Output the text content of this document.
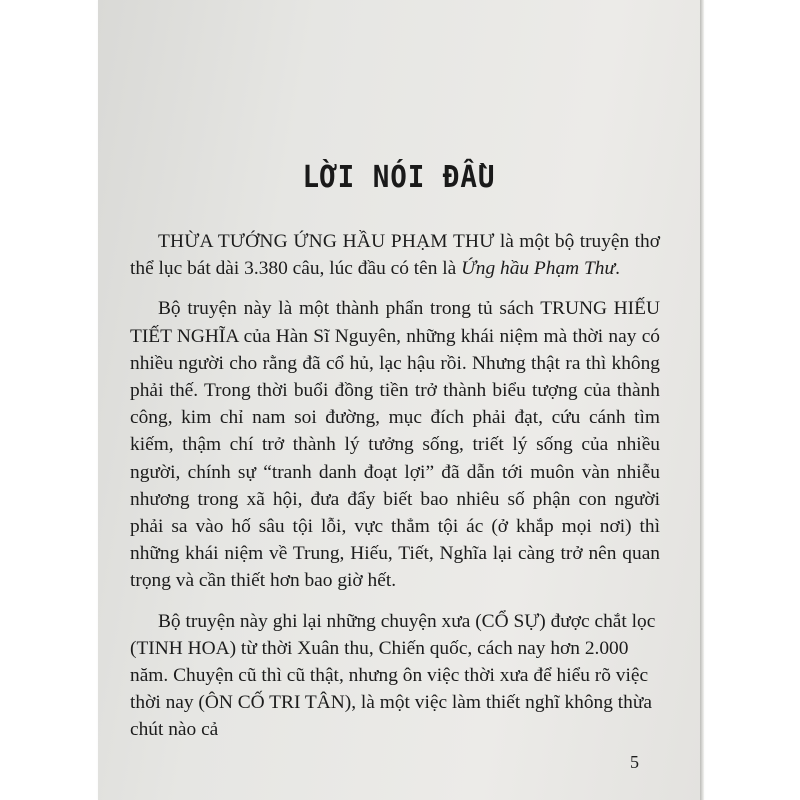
LỜI NÓI ĐẦU

THỪA TƯỚNG ỨNG HẦU PHẠM THƯ là một bộ truyện thơ thể lục bát dài 3.380 câu, lúc đầu có tên là Ứng hầu Phạm Thư.

Bộ truyện này là một thành phẩn trong tủ sách TRUNG HIẾU TIẾT NGHĨA của Hàn Sĩ Nguyên, những khái niệm mà thời nay có nhiều người cho rằng đã cổ hủ, lạc hậu rồi. Nhưng thật ra thì không phải thế. Trong thời buổi đồng tiền trở thành biểu tượng của thành công, kim chỉ nam soi đường, mục đích phải đạt, cứu cánh tìm kiếm, thậm chí trở thành lý tưởng sống, triết lý sống của nhiều người, chính sự “tranh danh đoạt lợi” đã dẫn tới muôn vàn nhiễu nhương trong xã hội, đưa đẩy biết bao nhiêu số phận con người phải sa vào hố sâu tội lỗi, vực thẳm tội ác (ở khắp mọi nơi) thì những khái niệm về Trung, Hiếu, Tiết, Nghĩa lại càng trở nên quan trọng và cần thiết hơn bao giờ hết.

Bộ truyện này ghi lại những chuyện xưa (CỔ SỰ) được chắt lọc (TINH HOA) từ thời Xuân thu, Chiến quốc, cách nay hơn 2.000 năm. Chuyện cũ thì cũ thật, nhưng ôn việc thời xưa để hiểu rõ việc thời nay (ÔN CỐ TRI TÂN), là một việc làm thiết nghĩ không thừa chút nào cả

5
